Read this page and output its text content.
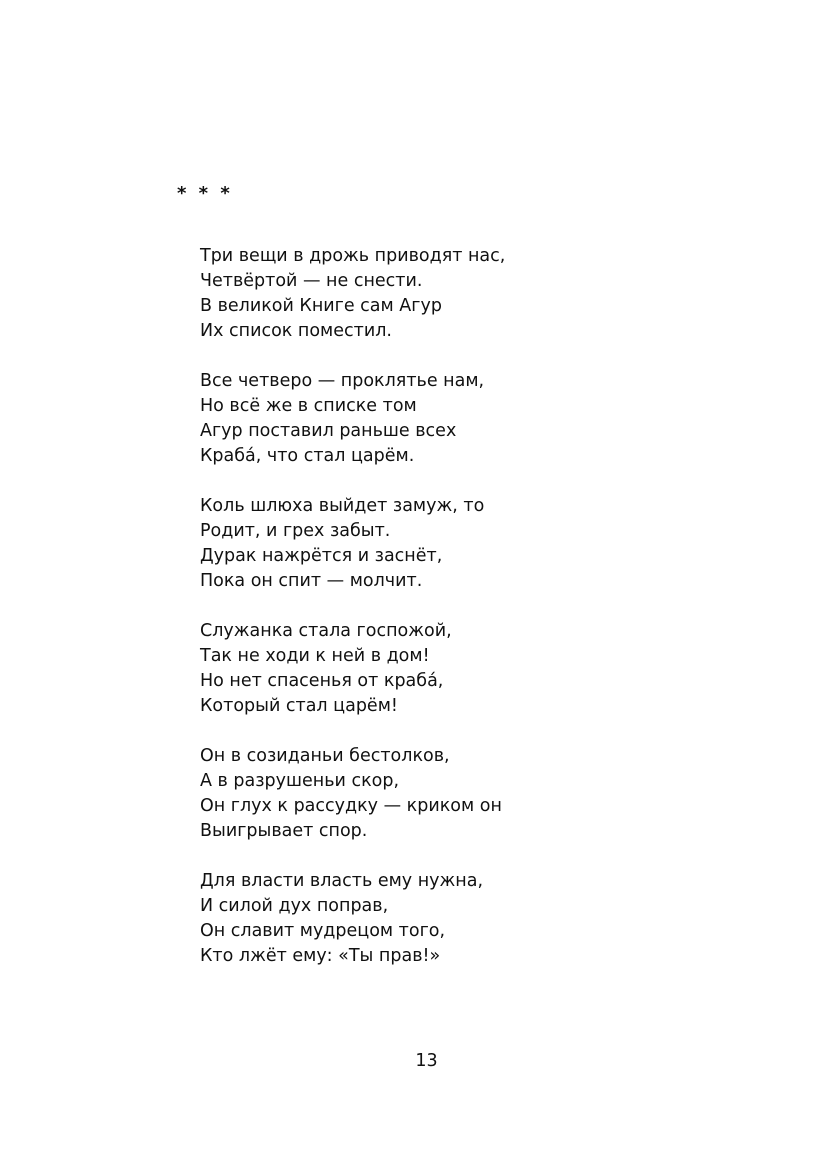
* * *
Три вещи в дрожь приводят нас,
Четвёртой — не снести.
В великой Книге сам Агур
Их список поместил.
Все четверо — проклятье нам,
Но всё же в списке том
Агур поставил раньше всех
Краба́, что стал царём.
Коль шлюха выйдет замуж, то
Родит, и грех забыт.
Дурак нажрётся и заснёт,
Пока он спит — молчит.
Служанка стала госпожой,
Так не ходи к ней в дом!
Но нет спасенья от краба́,
Который стал царём!
Он в созиданьи бестолков,
А в разрушеньи скор,
Он глух к рассудку — криком он
Выигрывает спор.
Для власти власть ему нужна,
И силой дух поправ,
Он славит мудрецом того,
Кто лжёт ему: «Ты прав!»
13
